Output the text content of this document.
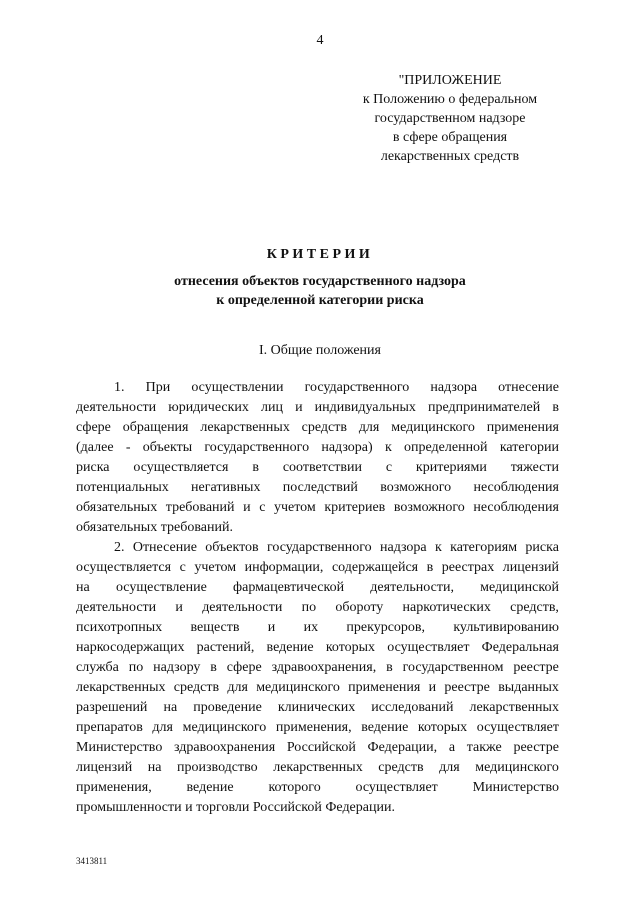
4
"ПРИЛОЖЕНИЕ
к Положению о федеральном
государственном надзоре
в сфере обращения
лекарственных средств
КРИТЕРИИ
отнесения объектов государственного надзора
к определенной категории риска
I. Общие положения
1. При осуществлении государственного надзора отнесение
деятельности юридических лиц и индивидуальных предпринимателей в
сфере обращения лекарственных средств для медицинского применения
(далее - объекты государственного надзора) к определенной категории
риска осуществляется в соответствии с критериями тяжести
потенциальных негативных последствий возможного несоблюдения
обязательных требований и с учетом критериев возможного несоблюдения
обязательных требований.
2. Отнесение объектов государственного надзора к категориям риска
осуществляется с учетом информации, содержащейся в реестрах лицензий
на осуществление фармацевтической деятельности, медицинской
деятельности и деятельности по обороту наркотических средств,
психотропных веществ и их прекурсоров, культивированию
наркосодержащих растений, ведение которых осуществляет Федеральная
служба по надзору в сфере здравоохранения, в государственном реестре
лекарственных средств для медицинского применения и реестре выданных
разрешений на проведение клинических исследований лекарственных
препаратов для медицинского применения, ведение которых осуществляет
Министерство здравоохранения Российской Федерации, а также реестре
лицензий на производство лекарственных средств для медицинского
применения, ведение которого осуществляет Министерство
промышленности и торговли Российской Федерации.
3413811
